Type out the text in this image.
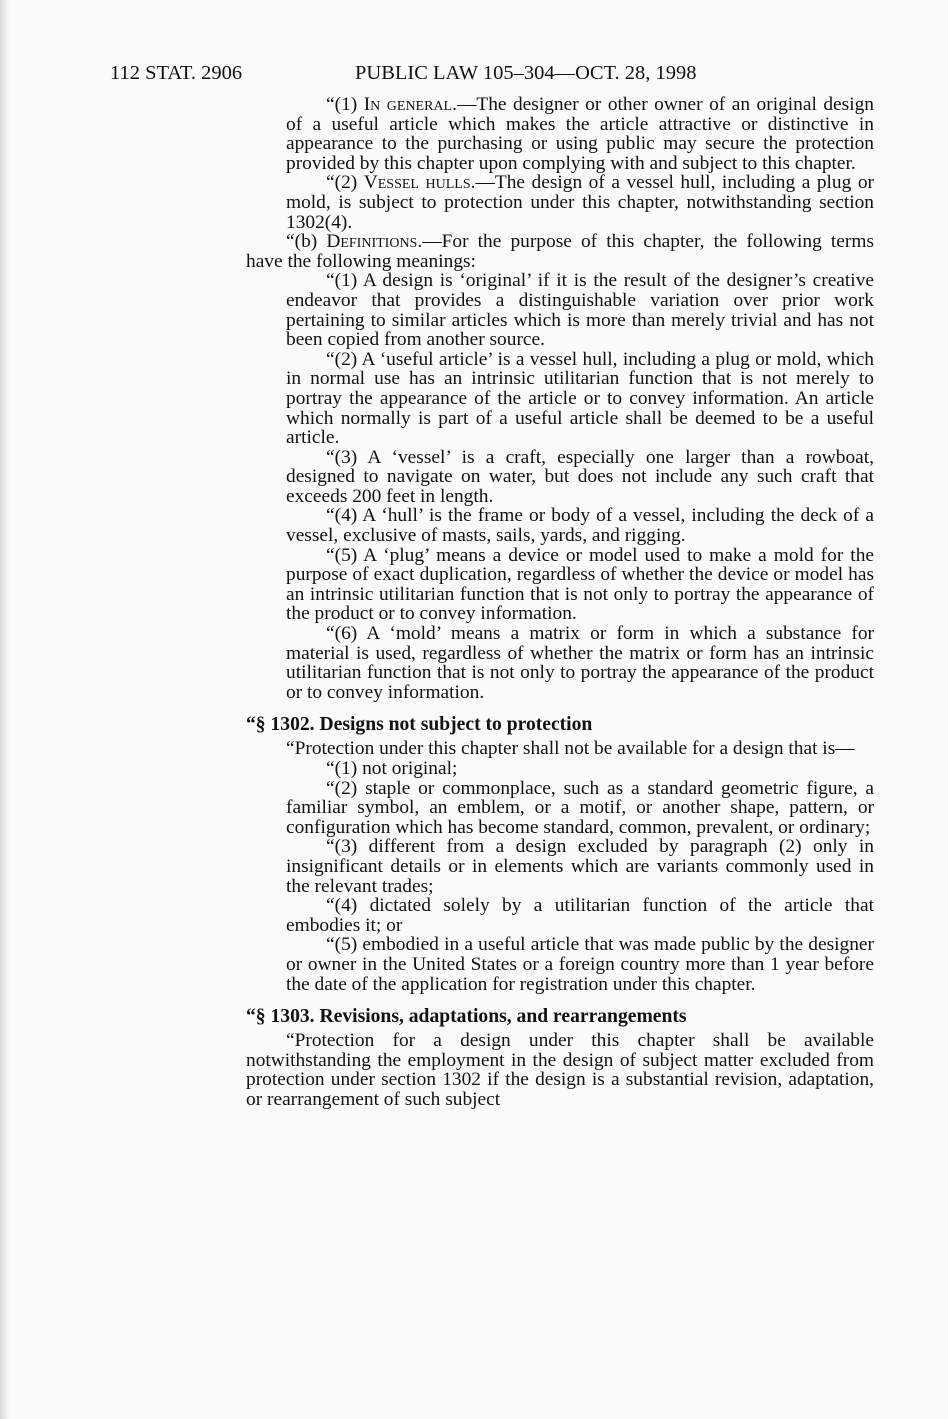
112 STAT. 2906	PUBLIC LAW 105–304—OCT. 28, 1998

“(1) In general.—The designer or other owner of an original design of a useful article which makes the article attractive or distinctive in appearance to the purchasing or using public may secure the protection provided by this chapter upon complying with and subject to this chapter.

“(2) Vessel hulls.—The design of a vessel hull, including a plug or mold, is subject to protection under this chapter, notwithstanding section 1302(4).

“(b) Definitions.—For the purpose of this chapter, the following terms have the following meanings:

“(1) A design is ‘original’ if it is the result of the designer’s creative endeavor that provides a distinguishable variation over prior work pertaining to similar articles which is more than merely trivial and has not been copied from another source.

“(2) A ‘useful article’ is a vessel hull, including a plug or mold, which in normal use has an intrinsic utilitarian function that is not merely to portray the appearance of the article or to convey information. An article which normally is part of a useful article shall be deemed to be a useful article.

“(3) A ‘vessel’ is a craft, especially one larger than a rowboat, designed to navigate on water, but does not include any such craft that exceeds 200 feet in length.

“(4) A ‘hull’ is the frame or body of a vessel, including the deck of a vessel, exclusive of masts, sails, yards, and rigging.

“(5) A ‘plug’ means a device or model used to make a mold for the purpose of exact duplication, regardless of whether the device or model has an intrinsic utilitarian function that is not only to portray the appearance of the product or to convey information.

“(6) A ‘mold’ means a matrix or form in which a substance for material is used, regardless of whether the matrix or form has an intrinsic utilitarian function that is not only to portray the appearance of the product or to convey information.

“§ 1302. Designs not subject to protection

“Protection under this chapter shall not be available for a design that is—

“(1) not original;

“(2) staple or commonplace, such as a standard geometric figure, a familiar symbol, an emblem, or a motif, or another shape, pattern, or configuration which has become standard, common, prevalent, or ordinary;

“(3) different from a design excluded by paragraph (2) only in insignificant details or in elements which are variants commonly used in the relevant trades;

“(4) dictated solely by a utilitarian function of the article that embodies it; or

“(5) embodied in a useful article that was made public by the designer or owner in the United States or a foreign country more than 1 year before the date of the application for registration under this chapter.

“§ 1303. Revisions, adaptations, and rearrangements

“Protection for a design under this chapter shall be available notwithstanding the employment in the design of subject matter excluded from protection under section 1302 if the design is a substantial revision, adaptation, or rearrangement of such subject
